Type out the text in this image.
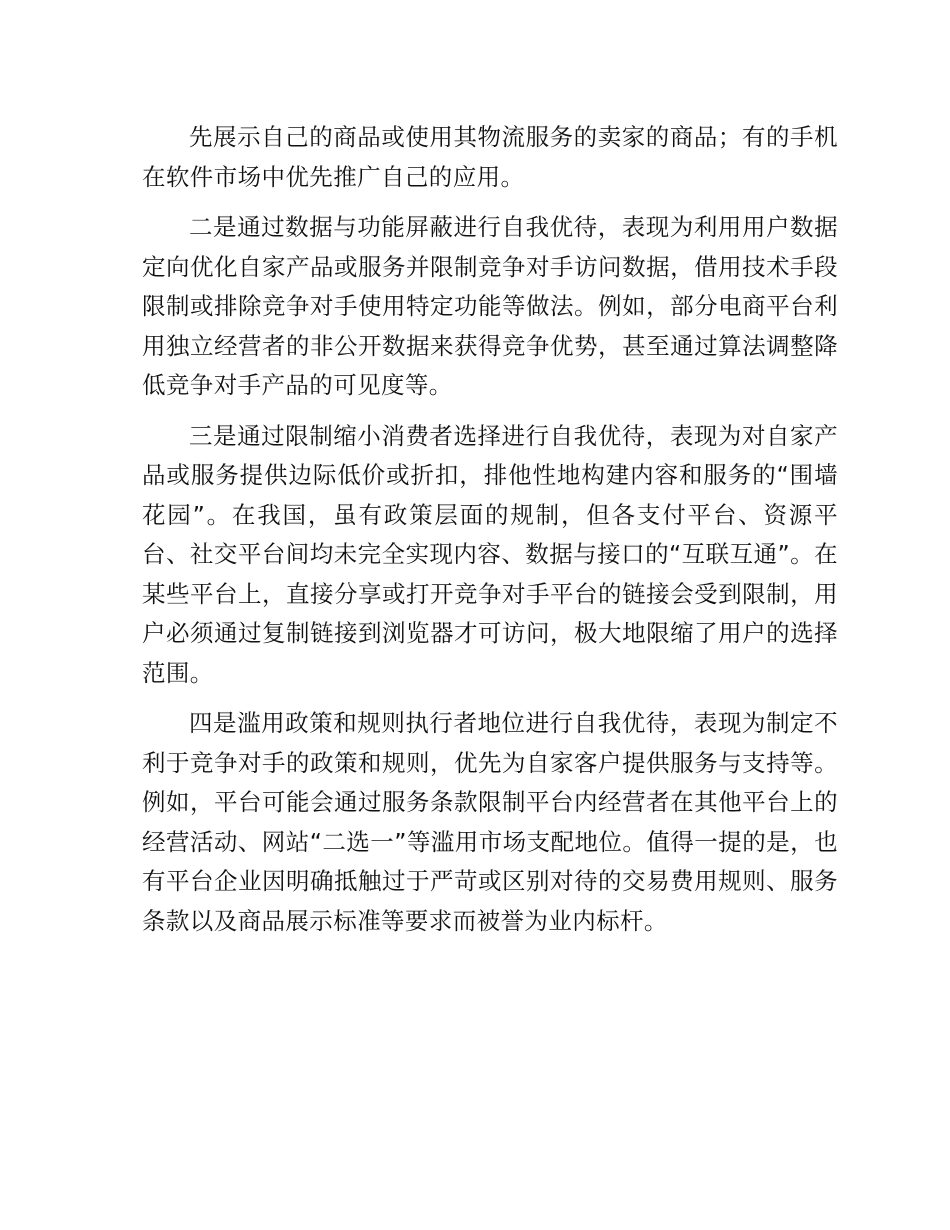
先展示自己的商品或使用其物流服务的卖家的商品；有的手机在软件市场中优先推广自己的应用。

二是通过数据与功能屏蔽进行自我优待，表现为利用用户数据定向优化自家产品或服务并限制竞争对手访问数据，借用技术手段限制或排除竞争对手使用特定功能等做法。例如，部分电商平台利用独立经营者的非公开数据来获得竞争优势，甚至通过算法调整降低竞争对手产品的可见度等。

三是通过限制缩小消费者选择进行自我优待，表现为对自家产品或服务提供边际低价或折扣，排他性地构建内容和服务的“围墙花园”。在我国，虽有政策层面的规制，但各支付平台、资源平台、社交平台间均未完全实现内容、数据与接口的“互联互通”。在某些平台上，直接分享或打开竞争对手平台的链接会受到限制，用户必须通过复制链接到浏览器才可访问，极大地限缩了用户的选择范围。

四是滥用政策和规则执行者地位进行自我优待，表现为制定不利于竞争对手的政策和规则，优先为自家客户提供服务与支持等。例如，平台可能会通过服务条款限制平台内经营者在其他平台上的经营活动、网站“二选一”等滥用市场支配地位。值得一提的是，也有平台企业因明确抵触过于严苛或区别对待的交易费用规则、服务条款以及商品展示标准等要求而被誉为业内标杆。
